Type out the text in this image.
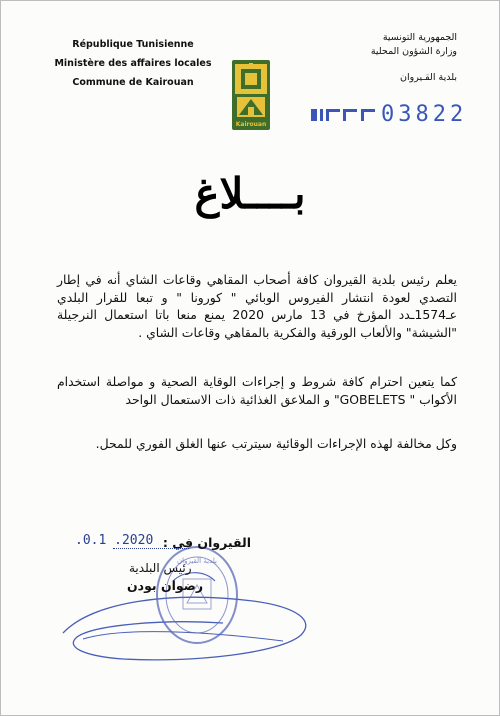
République Tunisienne
Ministère des affaires locales
Commune de Kairouan
الجمهورية التونسية
وزارة الشؤون المحلية
بلدية القـيروان
Kairouan	03822
بــــلاغ

يعلم رئيس بلدية القيروان كافة أصحاب المقاهي وقاعات الشاي أنه في إطار التصدي لعودة انتشار الفيروس الوبائي " كورونا " و تبعا للقرار البلدي عـ1574ـدد المؤرخ في 13 مارس 2020 يمنع منعا باتا استعمال النرجيلة "الشيشة" والألعاب الورقية والفكرية بالمقاهي وقاعات الشاي .

كما يتعين احترام كافة شروط و إجراءات الوقاية الصحية و مواصلة استخدام الأكواب " GOBELETS" و الملاعق الغذائية ذات الاستعمال الواحد

وكل مخالفة لهذه الإجراءات الوقائية سيترتب عنها الغلق الفوري للمحل.

بلدية القيروان
القيروان في :
2020. 0.1.
رئيس البلدية
رضوان بودن
